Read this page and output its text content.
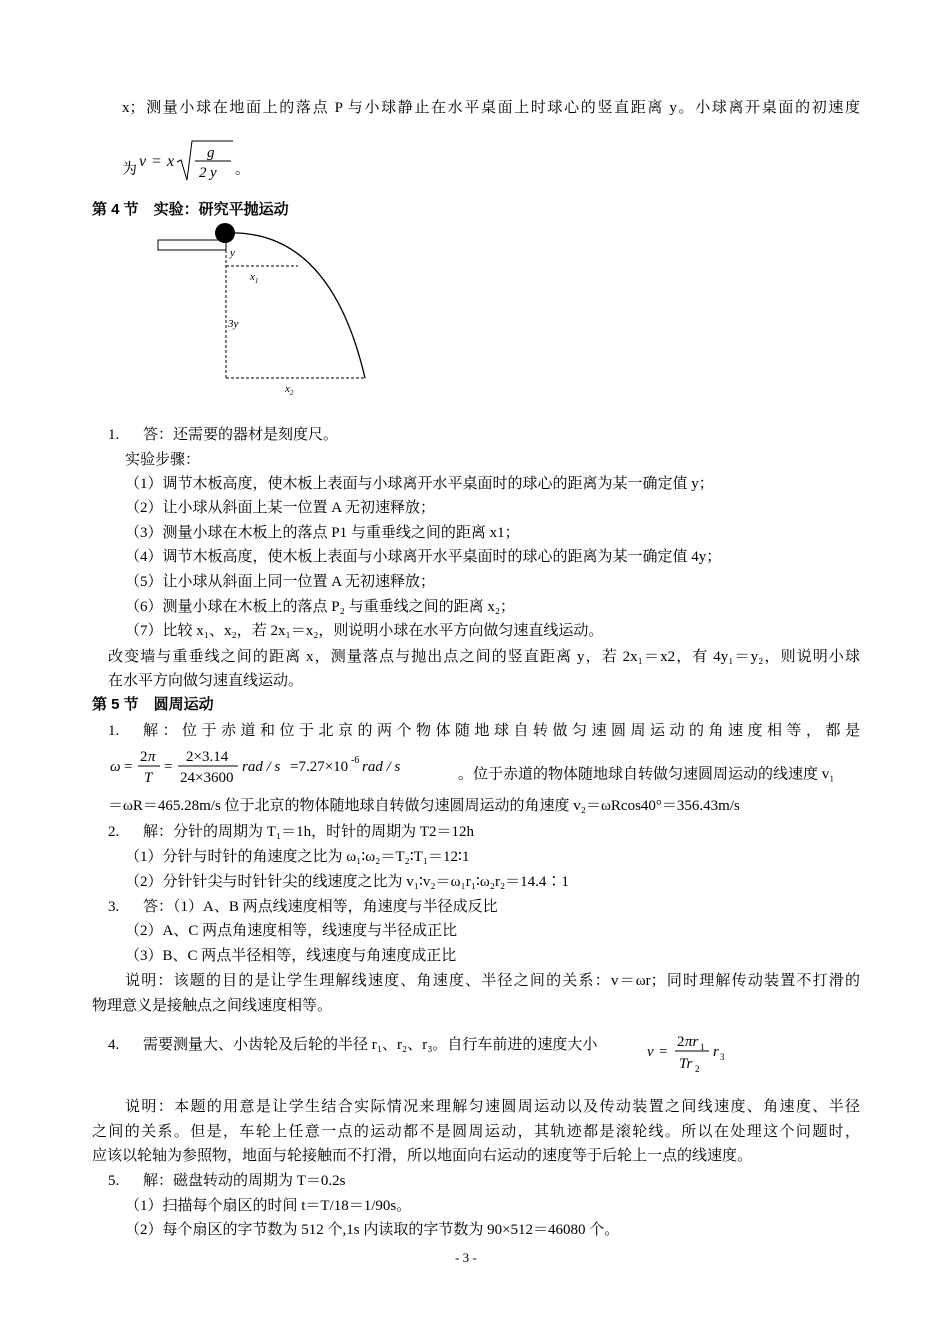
x；测量小球在地面上的落点 P 与小球静止在水平桌面上时球心的竖直距离 y。小球离开桌面的初速度
为 v = x g
2 y 。
第 4 节　实验：研究平抛运动
y
$x_1$
3y
$x_2$
1. 答：还需要的器材是刻度尺。
实验步骤：
（1）调节木板高度，使木板上表面与小球离开水平桌面时的球心的距离为某一确定值 y；
（2）让小球从斜面上某一位置 A 无初速释放；
（3）测量小球在木板上的落点 P1 与重垂线之间的距离 x1；
（4）调节木板高度，使木板上表面与小球离开水平桌面时的球心的距离为某一确定值 4y；
（5）让小球从斜面上同一位置 A 无初速释放；
（6）测量小球在木板上的落点 P₂ 与重垂线之间的距离 x₂；
（7）比较 x₁、x₂，若 2x₁＝x₂，则说明小球在水平方向做匀速直线运动。
改变墙与重垂线之间的距离 x，测量落点与抛出点之间的竖直距离 y，若 2x₁＝x2，有 4y₁＝y₂，则说明小球
在水平方向做匀速直线运动。
第 5 节　圆周运动
1. 解：位于赤道和位于北京的两个物体随地球自转做匀速圆周运动的角速度相等，都是
ω =
2 π
T
=
2×3.14
24×3600
rad / s =7.27×10 -6 rad / s	。位于赤道的物体随地球自转做匀速圆周运动的线速度 v₁
＝ωR＝465.28m/s 位于北京的物体随地球自转做匀速圆周运动的角速度 v₂＝ωRcos40°＝356.43m/s
2. 解：分针的周期为 T₁＝1h，时针的周期为 T2＝12h
（1）分针与时针的角速度之比为 ω₁∶ω₂＝T₂∶T₁＝12∶1
（2）分针针尖与时针针尖的线速度之比为 v₁∶v₂＝ω₁r₁∶ω₂r₂＝14.4∶1
3. 答：（1）A、B 两点线速度相等，角速度与半径成反比
（2）A、C 两点角速度相等，线速度与半径成正比
（3）B、C 两点半径相等，线速度与角速度成正比
说明：该题的目的是让学生理解线速度、角速度、半径之间的关系：v＝ωr；同时理解传动装置不打滑的
物理意义是接触点之间线速度相等。
4. 需要测量大、小齿轮及后轮的半径 r₁、r₂、r₃。自行车前进的速度大小	v =
2 πr 1
Tr 2
r 3
说明：本题的用意是让学生结合实际情况来理解匀速圆周运动以及传动装置之间线速度、角速度、半径
之间的关系。但是，车轮上任意一点的运动都不是圆周运动，其轨迹都是滚轮线。所以在处理这个问题时，
应该以轮轴为参照物，地面与轮接触而不打滑，所以地面向右运动的速度等于后轮上一点的线速度。
5. 解：磁盘转动的周期为 T＝0.2s
（1）扫描每个扇区的时间 t＝T/18＝1/90s。
（2）每个扇区的字节数为 512 个,1s 内读取的字节数为 90×512＝46080 个。
- 3 -
